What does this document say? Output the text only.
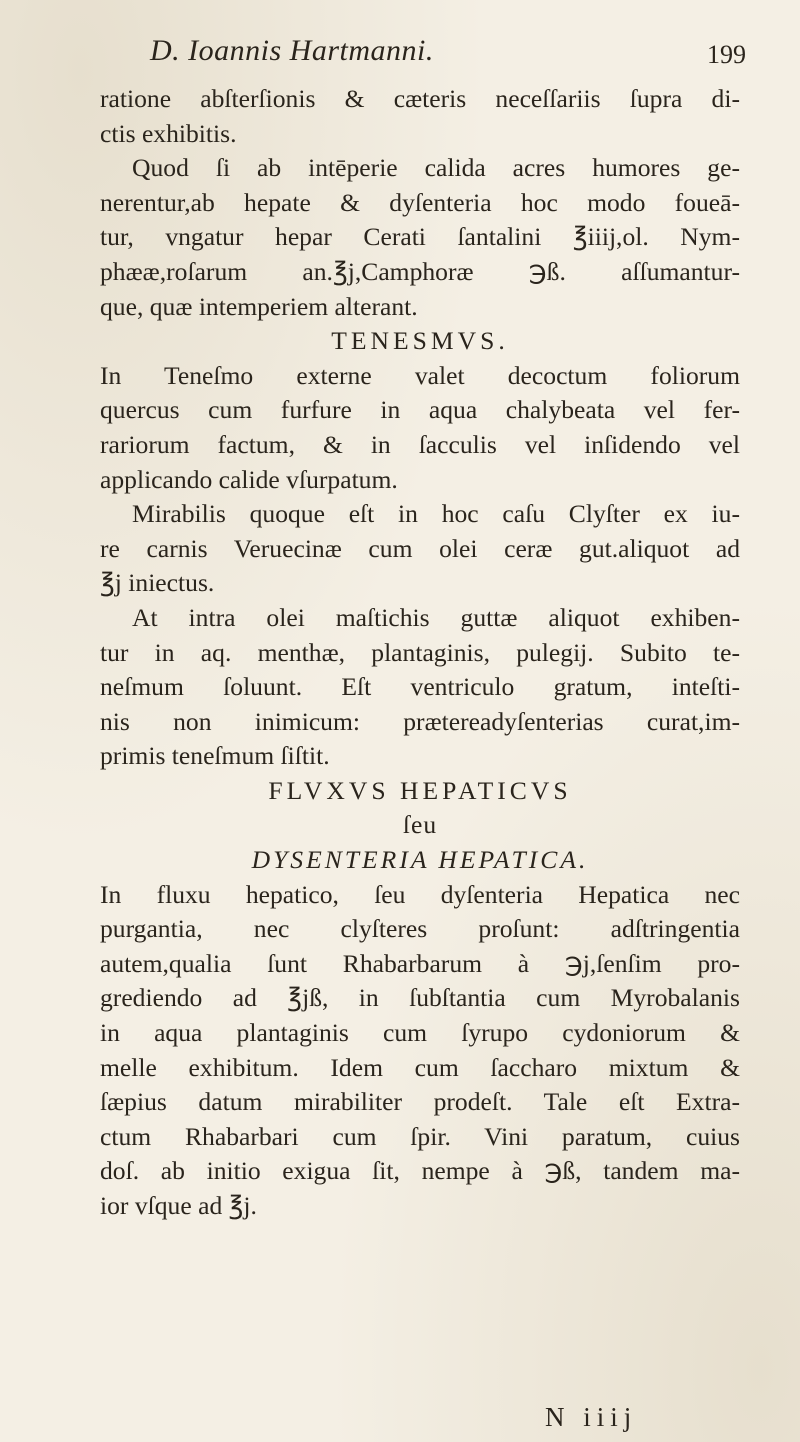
D. Ioannis Hartmanni.	199
ratione abſterſionis & cæteris neceſſariis ſupra di-
ctis exhibitis.
Quod ſi ab intēperie calida acres humores ge-
nerentur,ab hepate & dyſenteria hoc modo foueā-
tur, vngatur hepar Cerati ſantalini ℥iiij,ol. Nym-
phææ,roſarum an.℥j,Camphoræ ℈ß. aſſumantur-
que, quæ intemperiem alterant.
TENESMVS.
In Teneſmo externe valet decoctum foliorum
quercus cum furfure in aqua chalybeata vel fer-
rariorum factum, & in ſacculis vel inſidendo vel
applicando calide vſurpatum.
Mirabilis quoque eſt in hoc caſu Clyſter ex iu-
re carnis Veruecinæ cum olei ceræ gut.aliquot ad
℥j iniectus.
At intra olei maſtichis guttæ aliquot exhiben-
tur in aq. menthæ, plantaginis, pulegij. Subito te-
neſmum ſoluunt. Eſt ventriculo gratum, inteſti-
nis non inimicum: prætereadyſenterias curat,im-
primis teneſmum ſiſtit.
FLVXVS HEPATICVS
ſeu
DYSENTERIA HEPATICA.
In fluxu hepatico, ſeu dyſenteria Hepatica nec
purgantia, nec clyſteres proſunt: adſtringentia
autem,qualia ſunt Rhabarbarum à ℈j,ſenſim pro-
grediendo ad ℥jß, in ſubſtantia cum Myrobalanis
in aqua plantaginis cum ſyrupo cydoniorum &
melle exhibitum. Idem cum ſaccharo mixtum &
ſæpius datum mirabiliter prodeſt. Tale eſt Extra-
ctum Rhabarbari cum ſpir. Vini paratum, cuius
doſ. ab initio exigua ſit, nempe à ℈ß, tandem ma-
ior vſque ad ℥j.
N iiij
